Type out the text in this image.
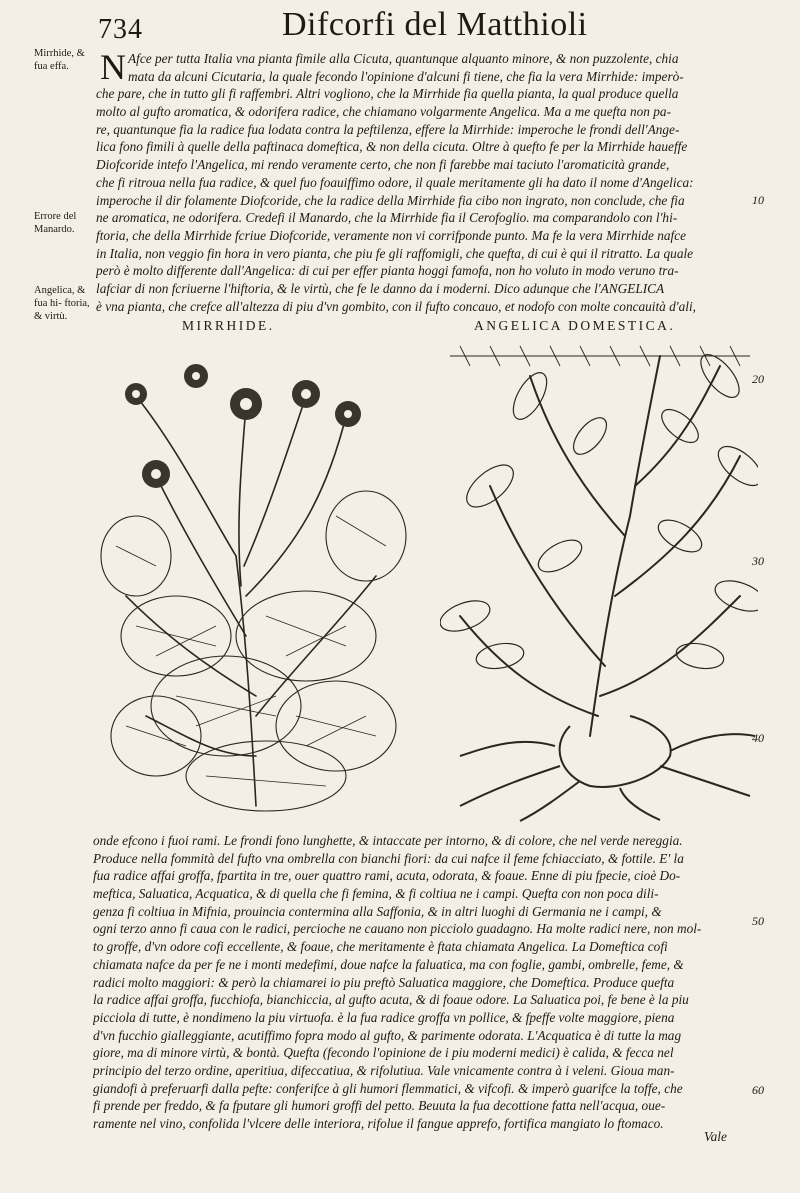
734	Difcorfi del Matthioli
Mirrhide, & fua effa.
Errore del Manardo.
Angelica, & fua hi- ftoria, & virtù.
10
20
30
40
50
60
N Afce per tutta Italia vna pianta fimile alla Cicuta, quantunque alquanto minore, & non puzzolente, chia
mata da alcuni Cicutaria, la quale fecondo l'opinione d'alcuni fi tiene, che fia la vera Mirrhide: imperò-
che pare, che in tutto gli fi raffembri. Altri vogliono, che la Mirrhide fia quella pianta, la qual produce quella
molto al gufto aromatica, & odorifera radice, che chiamano volgarmente Angelica. Ma a me quefta non pa-
re, quantunque fia la radice fua lodata contra la peftilenza, effere la Mirrhide: imperoche le frondi dell'Ange-
lica fono fimili à quelle della paftinaca domeftica, & non della cicuta. Oltre à quefto fe per la Mirrhide haueffe
Diofcoride intefo l'Angelica, mi rendo veramente certo, che non fi farebbe mai taciuto l'aromaticità grande,
che fi ritroua nella fua radice, & quel fuo foauiffimo odore, il quale meritamente gli ha dato il nome d'Angelica:
imperoche il dir folamente Diofcoride, che la radice della Mirrhide fia cibo non ingrato, non conclude, che fia
ne aromatica, ne odorifera. Credefi il Manardo, che la Mirrhide fia il Cerofoglio. ma comparandolo con l'hi-
ftoria, che della Mirrhide fcriue Diofcoride, veramente non vi corrifponde punto. Ma fe la vera Mirrhide nafce
in Italia, non veggio fin hora in vero pianta, che piu fe gli raffomigli, che quefta, di cui è qui il ritratto. La quale
però è molto differente dall'Angelica: di cui per effer pianta hoggi famofa, non ho voluto in modo veruno tra-
lafciar di non fcriuerne l'hiftoria, & le virtù, che fe le danno da i moderni. Dico adunque che l'ANGELICA
è vna pianta, che crefce all'altezza di piu d'vn gombito, con il fufto concauo, et nodofo con molte concauità d'ali,
MIRRHIDE.	ANGELICA DOMESTICA.
onde efcono i fuoi rami. Le frondi fono lunghette, & intaccate per intorno, & di colore, che nel verde nereggia.
Produce nella fommità del fufto vna ombrella con bianchi fiori: da cui nafce il feme fchiacciato, & fottile. E' la
fua radice affai groffa, fpartita in tre, ouer quattro rami, acuta, odorata, & foaue. Enne di piu fpecie, cioè Do-
meftica, Saluatica, Acquatica, & di quella che fi femina, & fi coltiua ne i campi. Quefta con non poca dili-
genza fi coltiua in Mifnia, prouincia contermina alla Saffonia, & in altri luoghi di Germania ne i campi, &
ogni terzo anno fi caua con le radici, percioche ne cauano non picciolo guadagno. Ha molte radici nere, non mol-
to groffe, d'vn odore cofi eccellente, & foaue, che meritamente è ftata chiamata Angelica. La Domeftica cofi
chiamata nafce da per fe ne i monti medefimi, doue nafce la faluatica, ma con foglie, gambi, ombrelle, feme, &
radici molto maggiori: & però la chiamarei io piu preftò Saluatica maggiore, che Domeftica. Produce quefta
la radice affai groffa, fucchiofa, bianchiccia, al gufto acuta, & di foaue odore. La Saluatica poi, fe bene è la piu
picciola di tutte, è nondimeno la piu virtuofa. è la fua radice groffa vn pollice, & fpeffe volte maggiore, piena
d'vn fucchio gialleggiante, acutiffimo fopra modo al gufto, & parimente odorata. L'Acquatica è di tutte la mag
giore, ma di minore virtù, & bontà. Quefta (fecondo l'opinione de i piu moderni medici) è calida, & fecca nel
principio del terzo ordine, aperitiua, difeccatiua, & rifolutiua. Vale vnicamente contra à i veleni. Gioua man-
giandofi à preferuarfi dalla pefte: conferifce à gli humori flemmatici, & vifcofi. & imperò guarifce la toffe, che
fi prende per freddo, & fa fputare gli humori groffi del petto. Beuuta la fua decottione fatta nell'acqua, oue-
ramente nel vino, confolida l'vlcere delle interiora, rifolue il fangue apprefo, fortifica mangiato lo ftomaco.
Vale
